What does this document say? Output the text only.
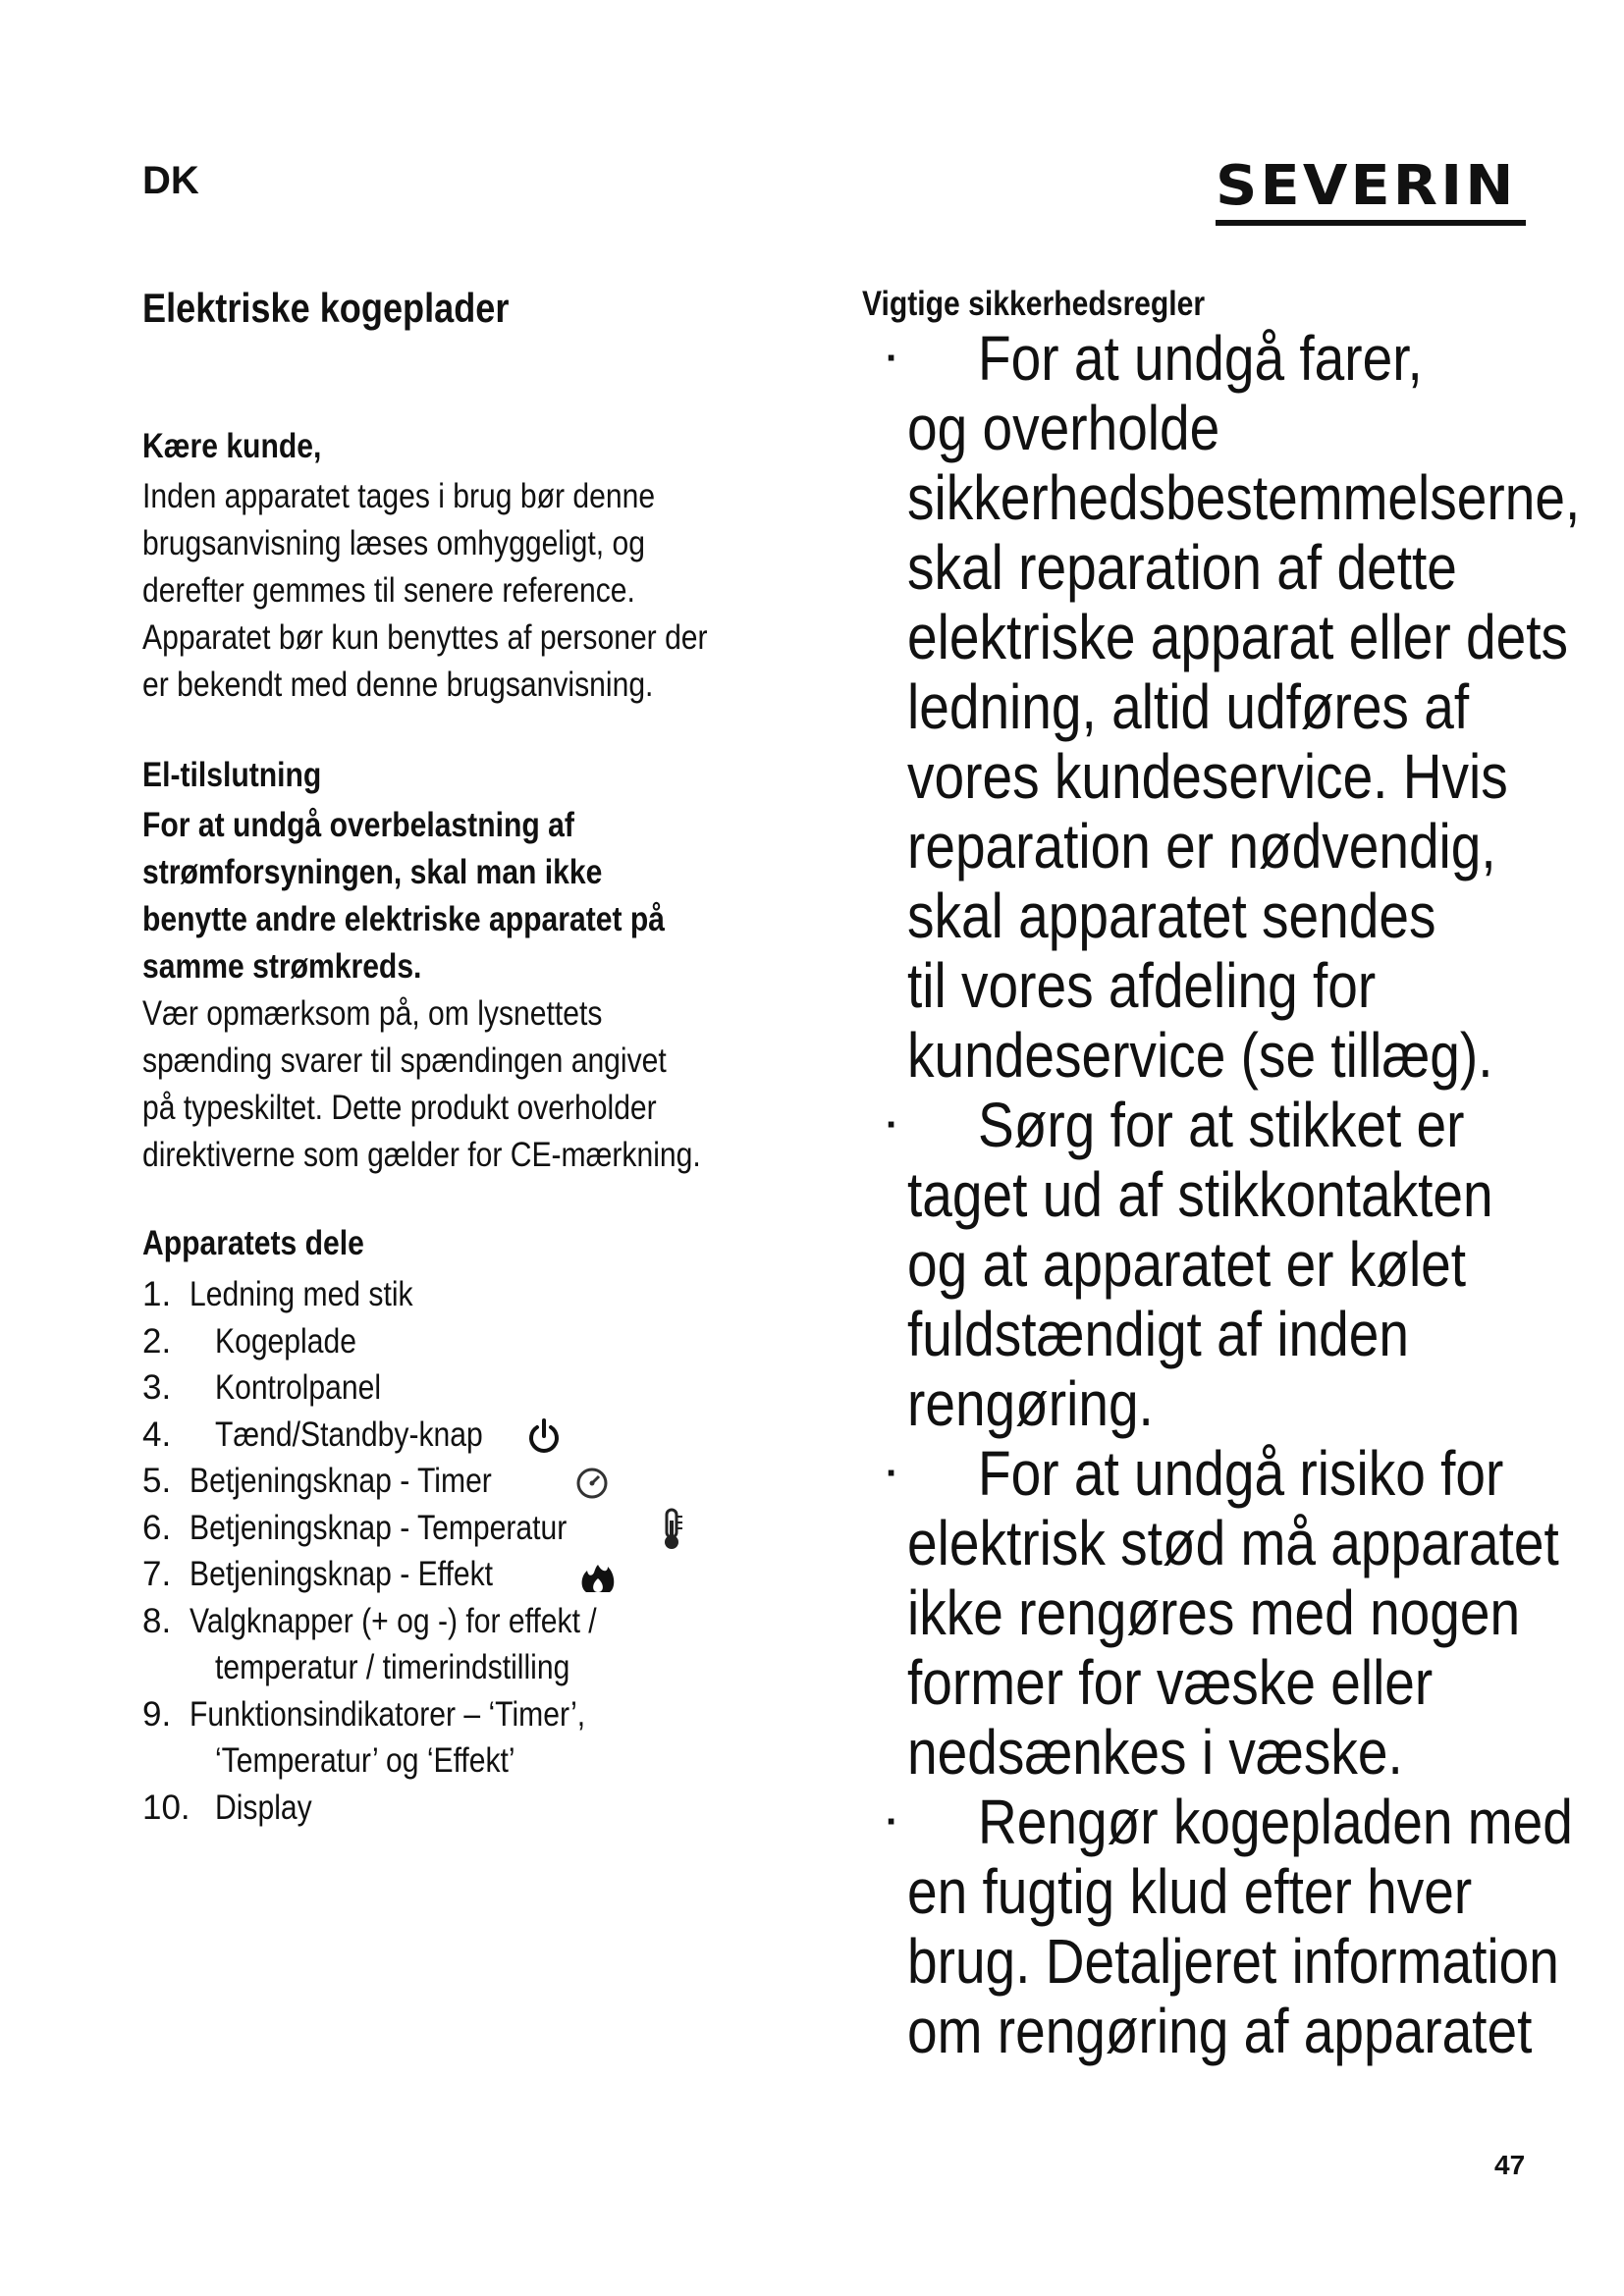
DK	SEVERIN
Elektriske kogeplader
Kære kunde,
Inden apparatet tages i brug bør denne
brugsanvisning læses omhyggeligt, og
derefter gemmes til senere reference.
Apparatet bør kun benyttes af personer der
er bekendt med denne brugsanvisning.
El-tilslutning
For at undgå overbelastning af
strømforsyningen, skal man ikke
benytte andre elektriske apparatet på
samme strømkreds.
Vær opmærksom på, om lysnettets
spænding svarer til spændingen angivet
på typeskiltet. Dette produkt overholder
direktiverne som gælder for CE-mærkning.
Apparatets dele
1. Ledning med stik
2. Kogeplade
3. Kontrolpanel
4. Tænd/Standby-knap
5. Betjeningsknap - Timer
6. Betjeningsknap - Temperatur
7. Betjeningsknap - Effekt
8. Valgknapper (+ og -) for effekt /
temperatur / timerindstilling
9. Funktionsindikatorer – ‘Timer’,
‘Temperatur’ og ‘Effekt’
10. Display
Vigtige sikkerhedsregler
· For at undgå farer,
og overholde
sikkerhedsbestemmelserne,
skal reparation af dette
elektriske apparat eller dets
ledning, altid udføres af
vores kundeservice. Hvis
reparation er nødvendig,
skal apparatet sendes
til vores afdeling for
kundeservice (se tillæg).
· Sørg for at stikket er
taget ud af stikkontakten
og at apparatet er kølet
fuldstændigt af inden
rengøring.
· For at undgå risiko for
elektrisk stød må apparatet
ikke rengøres med nogen
former for væske eller
nedsænkes i væske.
· Rengør kogepladen med
en fugtig klud efter hver
brug. Detaljeret information
om rengøring af apparatet
47
